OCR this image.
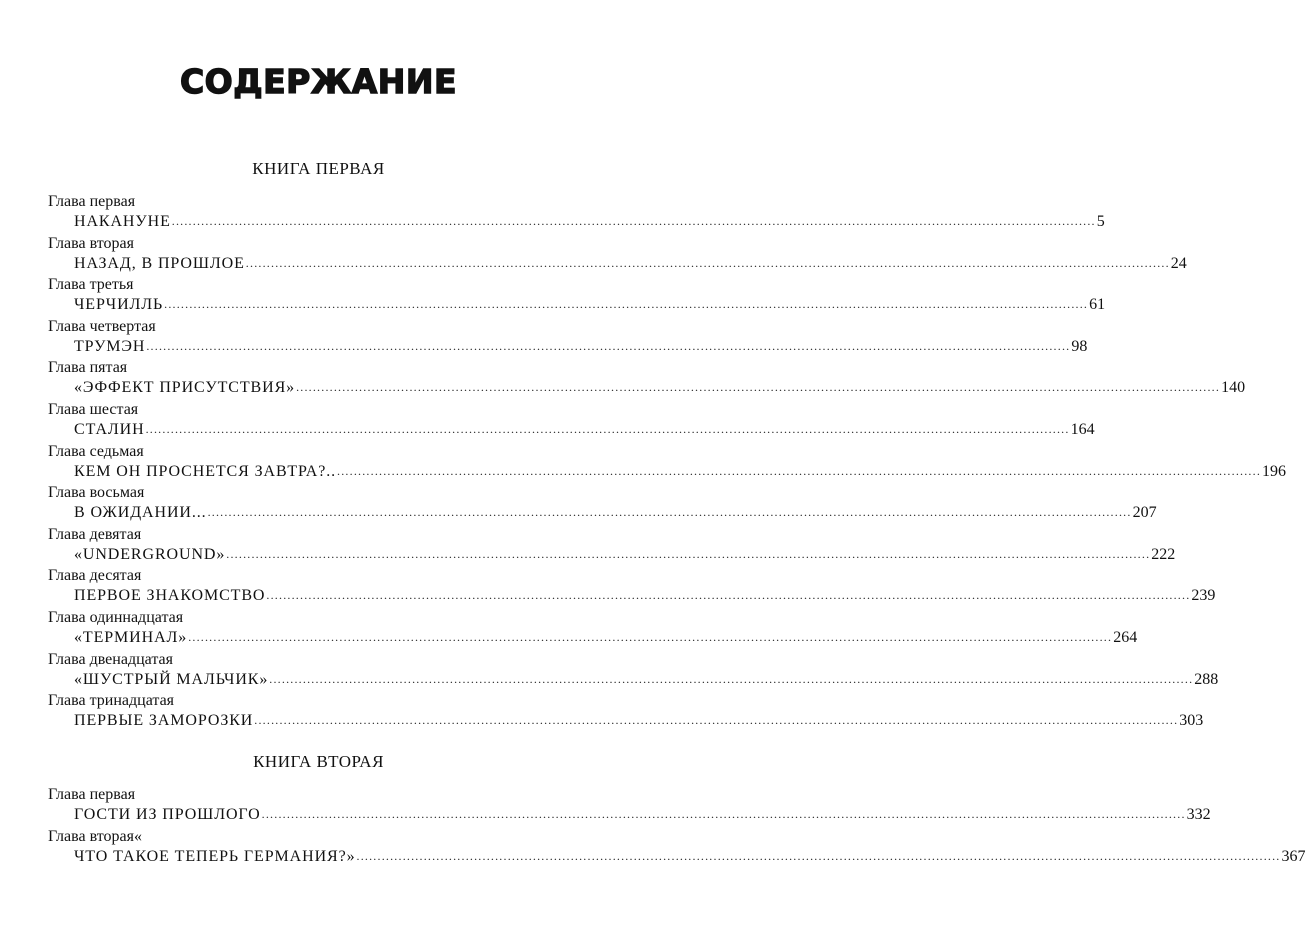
СОДЕРЖАНИЕ
КНИГА ПЕРВАЯ
Глава первая
НАКАНУНЕ ............................................................................................................................................................................................................................ 5
Глава вторая
НАЗАД, В ПРОШЛОЕ ............................................................................................................................................................................................................................ 24
Глава третья
ЧЕРЧИЛЛЬ ............................................................................................................................................................................................................................ 61
Глава четвертая
ТРУМЭН ............................................................................................................................................................................................................................ 98
Глава пятая
«ЭФФЕКТ ПРИСУТСТВИЯ» ............................................................................................................................................................................................................................ 140
Глава шестая
СТАЛИН ............................................................................................................................................................................................................................ 164
Глава седьмая
КЕМ ОН ПРОСНЕТСЯ ЗАВТРА?.. ............................................................................................................................................................................................................................ 196
Глава восьмая
В ОЖИДАНИИ... ............................................................................................................................................................................................................................ 207
Глава девятая
«UNDERGROUND» ............................................................................................................................................................................................................................ 222
Глава десятая
ПЕРВОЕ ЗНАКОМСТВО ............................................................................................................................................................................................................................ 239
Глава одиннадцатая
«ТЕРМИНАЛ» ............................................................................................................................................................................................................................ 264
Глава двенадцатая
«ШУСТРЫЙ МАЛЬЧИК» ............................................................................................................................................................................................................................ 288
Глава тринадцатая
ПЕРВЫЕ ЗАМОРОЗКИ ............................................................................................................................................................................................................................ 303
КНИГА ВТОРАЯ
Глава первая
ГОСТИ ИЗ ПРОШЛОГО ............................................................................................................................................................................................................................ 332
Глава вторая«
ЧТО ТАКОЕ ТЕПЕРЬ ГЕРМАНИЯ?» ............................................................................................................................................................................................................................ 367
